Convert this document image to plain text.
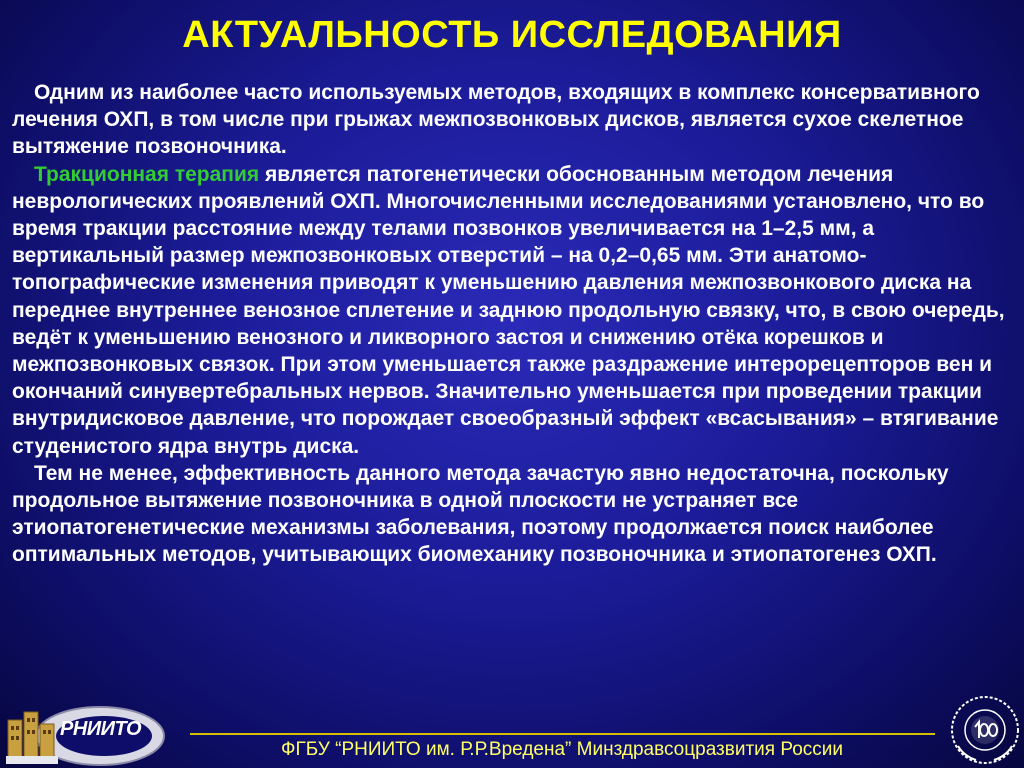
АКТУАЛЬНОСТЬ ИССЛЕДОВАНИЯ

Одним из наиболее часто используемых методов, входящих в комплекс консервативного лечения ОХП, в том числе при грыжах межпозвонковых дисков, является сухое скелетное вытяжение позвоночника.

Тракционная терапия является патогенетически обоснованным методом лечения неврологических проявлений ОХП. Многочисленными исследованиями установлено, что во время тракции расстояние между телами позвонков увеличивается на 1–2,5 мм, а вертикальный размер межпозвонковых отверстий – на 0,2–0,65 мм. Эти анатомо-топографические изменения приводят к уменьшению давления межпозвонкового диска на переднее внутреннее венозное сплетение и заднюю продольную связку, что, в свою очередь, ведёт к уменьшению венозного и ликворного застоя и снижению отёка корешков и межпозвонковых связок. При этом уменьшается также раздражение интерорецепторов вен и окончаний синувертебральных нервов. Значительно уменьшается при проведении тракции внутридисковое давление, что порождает своеобразный эффект «всасывания» – втягивание студенистого ядра внутрь диска.

Тем не менее, эффективность данного метода зачастую явно недостаточна, поскольку продольное вытяжение позвоночника в одной плоскости не устраняет все этиопатогенетические механизмы заболевания, поэтому продолжается поиск наиболее оптимальных методов, учитывающих биомеханику позвоночника и этиопатогенез ОХП.

ФГБУ “РНИИТО им. Р.Р.Вредена” Минздравсоцразвития России
РНИИТО
